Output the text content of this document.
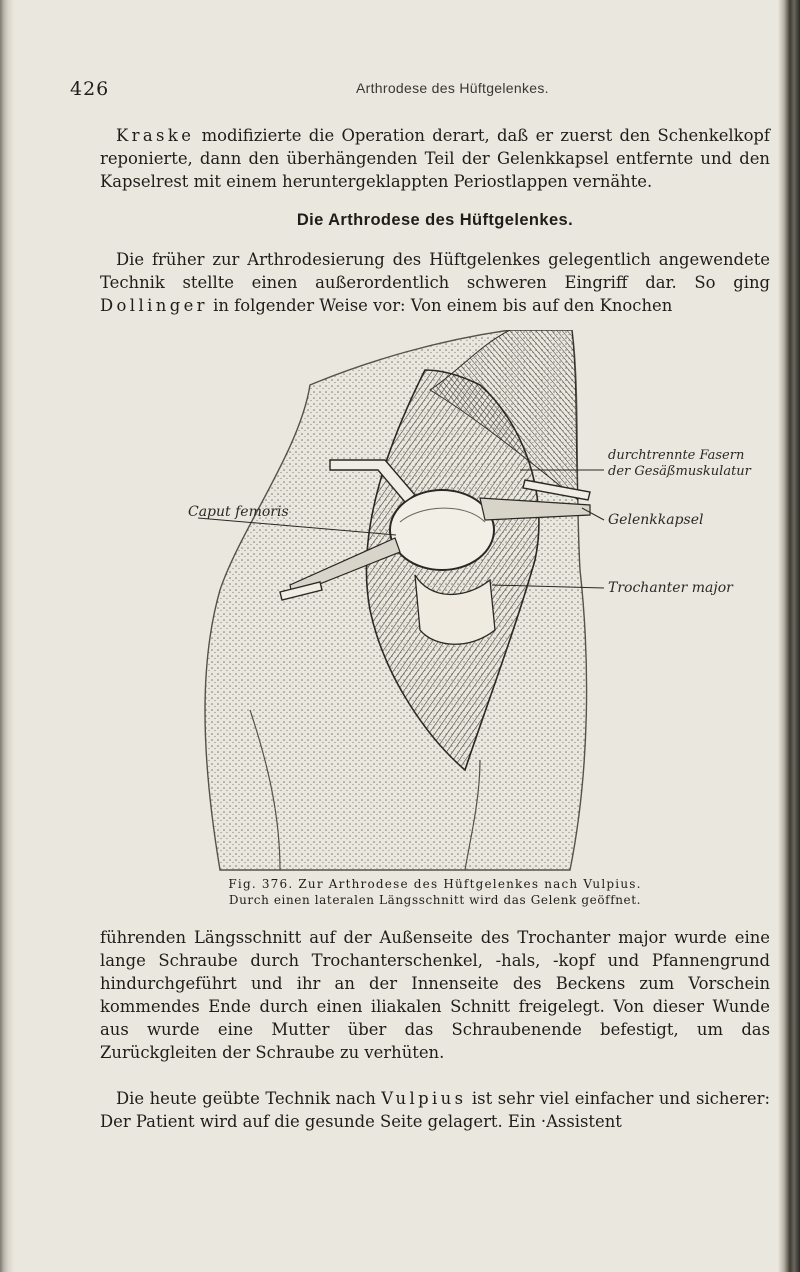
426	Arthrodese des Hüftgelenkes.

Kraske modifizierte die Operation derart, daß er zuerst den Schenkelkopf reponierte, dann den überhängenden Teil der Gelenkkapsel entfernte und den Kapselrest mit einem heruntergeklappten Periostlappen vernähte.

Die Arthrodese des Hüftgelenkes.

Die früher zur Arthrodesierung des Hüftgelenkes gelegentlich angewendete Technik stellte einen außerordentlich schweren Eingriff dar. So ging Dollinger in folgender Weise vor: Von einem bis auf den Knochen

Caput femoris
durchtrennte Fasern
der Gesäßmuskulatur
Gelenkkapsel
Trochanter major

Fig. 376. Zur Arthrodese des Hüftgelenkes nach Vulpius.

Durch einen lateralen Längsschnitt wird das Gelenk geöffnet.

führenden Längsschnitt auf der Außenseite des Trochanter major wurde eine lange Schraube durch Trochanterschenkel, -hals, -kopf und Pfannengrund hindurchgeführt und ihr an der Innenseite des Beckens zum Vorschein kommendes Ende durch einen iliakalen Schnitt freigelegt. Von dieser Wunde aus wurde eine Mutter über das Schraubenende befestigt, um das Zurückgleiten der Schraube zu verhüten.

Die heute geübte Technik nach Vulpius ist sehr viel einfacher und sicherer: Der Patient wird auf die gesunde Seite gelagert. Ein ·Assistent
